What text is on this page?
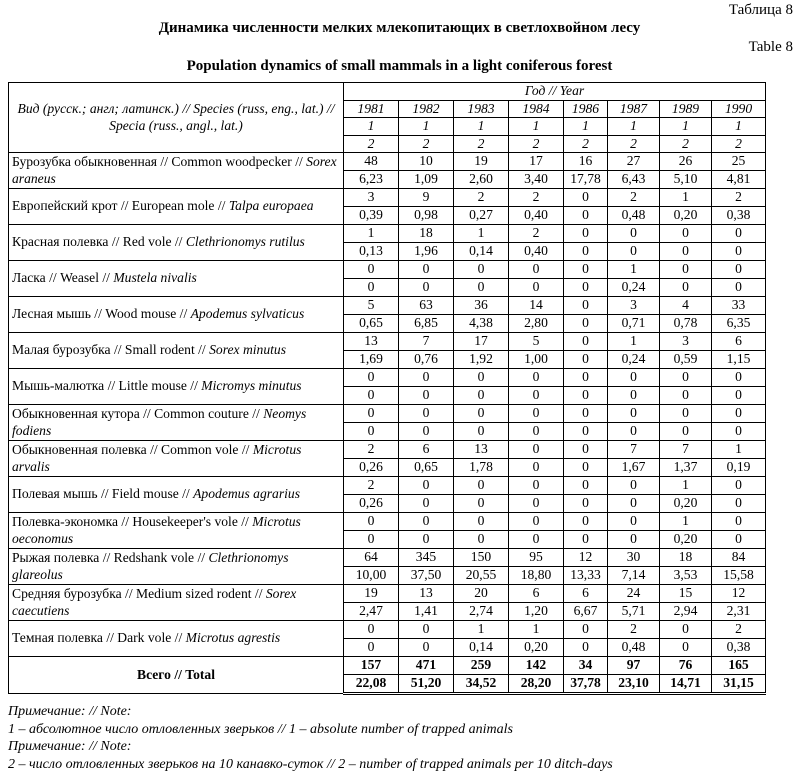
Таблица 8
Динамика численности мелких млекопитающих в светлохвойном лесу
Table 8
Population dynamics of small mammals in a light coniferous forest
Вид (русск.; англ; латинск.) // Species (russ, eng., lat.) // Specia (russ., angl., lat.)	Год // Year							
	1981	1982	1983	1984	1986	1987	1989	1990
	1	1	1	1	1	1	1	1
	2	2	2	2	2	2	2	2
Бурозубка обыкновенная // Common woodpecker // Sorex araneus	48	10	19	17	16	27	26	25
	6,23	1,09	2,60	3,40	17,78	6,43	5,10	4,81
Европейский крот // European mole // Talpa europaea	3	9	2	2	0	2	1	2
	0,39	0,98	0,27	0,40	0	0,48	0,20	0,38
Красная полевка // Red vole // Clethrionomys rutilus	1	18	1	2	0	0	0	0
	0,13	1,96	0,14	0,40	0	0	0	0
Ласка // Weasel // Mustela nivalis	0	0	0	0	0	1	0	0
	0	0	0	0	0	0,24	0	0
Лесная мышь // Wood mouse // Apodemus sylvaticus	5	63	36	14	0	3	4	33
	0,65	6,85	4,38	2,80	0	0,71	0,78	6,35
Малая бурозубка // Small rodent // Sorex minutus	13	7	17	5	0	1	3	6
	1,69	0,76	1,92	1,00	0	0,24	0,59	1,15
Мышь-малютка // Little mouse // Micromys minutus	0	0	0	0	0	0	0	0
	0	0	0	0	0	0	0	0
Обыкновенная кутора // Common couture // Neomys fodiens	0	0	0	0	0	0	0	0
	0	0	0	0	0	0	0	0
Обыкновенная полевка // Common vole // Microtus arvalis	2	6	13	0	0	7	7	1
	0,26	0,65	1,78	0	0	1,67	1,37	0,19
Полевая мышь // Field mouse // Apodemus agrarius	2	0	0	0	0	0	1	0
	0,26	0	0	0	0	0	0,20	0
Полевка-экономка // Housekeeper's vole // Microtus oeconomus	0	0	0	0	0	0	1	0
	0	0	0	0	0	0	0,20	0
Рыжая полевка // Redshank vole // Clethrionomys glareolus	64	345	150	95	12	30	18	84
	10,00	37,50	20,55	18,80	13,33	7,14	3,53	15,58
Средняя бурозубка // Medium sized rodent // Sorex caecutiens	19	13	20	6	6	24	15	12
	2,47	1,41	2,74	1,20	6,67	5,71	2,94	2,31
Темная полевка // Dark vole // Microtus agrestis	0	0	1	1	0	2	0	2
	0	0	0,14	0,20	0	0,48	0	0,38
Всего // Total	157	471	259	142	34	97	76	165
	22,08	51,20	34,52	28,20	37,78	23,10	14,71	31,15
Примечание: // Note:
1 – абсолютное число отловленных зверьков // 1 – absolute number of trapped animals
Примечание: // Note:
2 – число отловленных зверьков на 10 канавко-суток // 2 – number of trapped animals per 10 ditch-days
